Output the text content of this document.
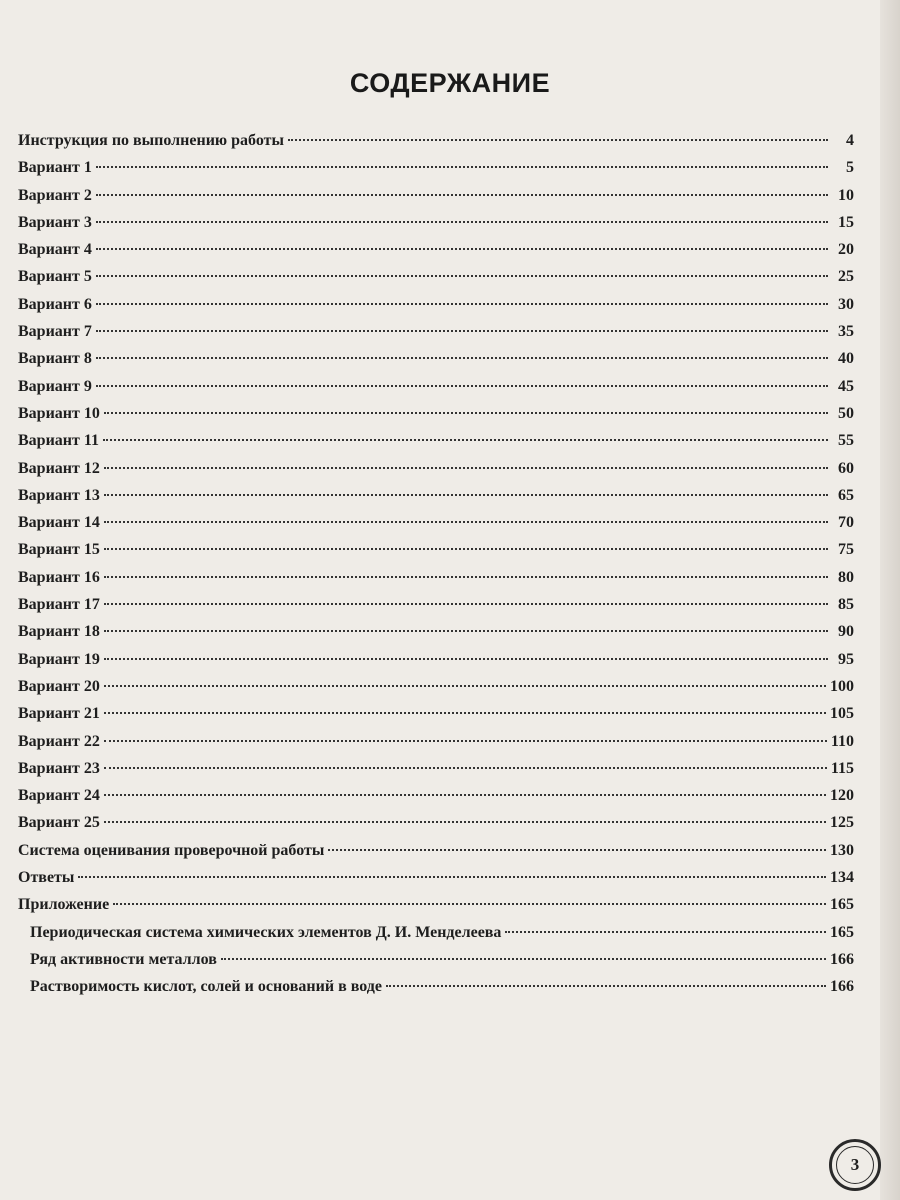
СОДЕРЖАНИЕ
Инструкция по выполнению работы	4
Вариант 1	5
Вариант 2	10
Вариант 3	15
Вариант 4	20
Вариант 5	25
Вариант 6	30
Вариант 7	35
Вариант 8	40
Вариант 9	45
Вариант 10	50
Вариант 11	55
Вариант 12	60
Вариант 13	65
Вариант 14	70
Вариант 15	75
Вариант 16	80
Вариант 17	85
Вариант 18	90
Вариант 19	95
Вариант 20	100
Вариант 21	105
Вариант 22	110
Вариант 23	115
Вариант 24	120
Вариант 25	125
Система оценивания проверочной работы	130
Ответы	134
Приложение	165
Периодическая система химических элементов Д. И. Менделеева	165
Ряд активности металлов	166
Растворимость кислот, солей и оснований в воде	166
3
